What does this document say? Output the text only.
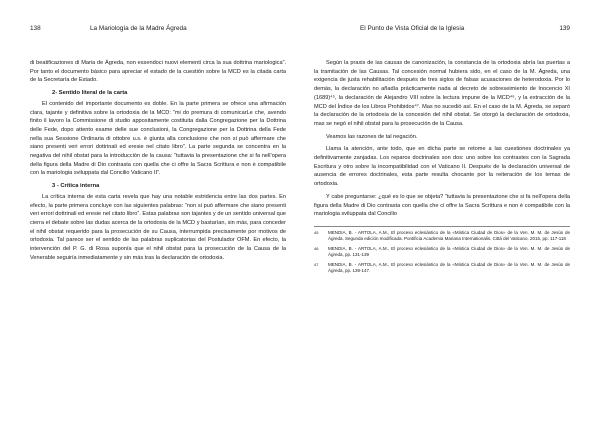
138	La Mariología de la Madre Ágreda

di beatificaziones di Maria de Ágreda, non essendoci nuovi elementi circa la sua dottrina mariologica”. Por tanto el documento básico para apreciar el estado de la cuestión sobre la MCD es la citada carta de la Secretaría de Estado.

2- Sentido literal de la carta

El contenido del importante documento es doble. En la parte primera se ofrece una afirmación clara, tajante y definitiva sobre la ortodoxia de la MCD: “mi do premura di comunicarLe che, avendo finito il lavoro la Commissione di studio appositamente costituita dalla Congregazione per la Dottrina delle Fede, dopo attento esame delle sue conclusioni, la Congregazione per la Dottrina della Fede nella sua Sessione Ordinaria di ottobre u.s. è giunta alla conclusione che non si può affermare che siano presenti veri errori dottrinali ed eresie nel citato libro”. La parte segunda se concentra en la negativa del nihil obstat para la introducción de la causa: “tuttavia la presentazione che si fa nell’opera della figura della Madre di Dio contrasta con quella che ci offre la Sacra Scrittura e non è compatibile con la mariologia sviluppata dal Concilio Vaticano II”.

3 - Crítica interna

La crítica interna de esta carta revela que hay una notable estridencia entre las dos partes. En efecto, la parte primera concluye con las siguientes palabras: “non si può affermare che siano presenti veri errori dottrinali ed eresie nel citato libro”. Estas palabras son tajantes y de un sentido universal que cierra el debate sobre las dudas acerca de la ortodoxia de la MCD y bastarían, sin más, para conceder el nihil obstat requerido para la prosecución de su Causa, interrumpida precisamente por motivos de ortodoxia. Tal parece ser el sentido de las palabras suplicatorias del Postulador OFM. En efecto, la intervención del P. G. di Rosa suponía que el nihil obstat para la prosecución de la Causa de la Venerable seguiría inmediatamente y sin más tras la declaración de ortodoxia.

El Punto de Vista Oficial de la Iglesia	139

Según la praxis de las causas de canonización, la constancia de la ortodoxia abría las puertas a la tramitación de las Causas. Tal concesión normal hubiera sido, en el caso de la M. Ágreda, una exigencia de justa rehabilitación después de tres siglos de falsas acusaciones de heterodoxia. Por lo demás, la declaración no añadía prácticamente nada al decreto de sobreseimiento de Inocencio XI (1689)⁴⁵, la declaración de Alejandro VIII sobre la lectura impune de la MCD⁴⁶, y la extracción de la MCD del Índice de los Libros Prohibidos⁴⁷. Mas no sucedió así. En el caso de la M. Ágreda, se separó la declaración de la ortodoxia de la concesión del nihil obstat. Se otorgó la declaración de ortodoxia, mas se negó el nihil obstat para la prosecución de la Causa.

Veamos las razones de tal negación.

Llama la atención, ante todo, que en dicha parte se retome a las cuestiones doctrinales ya definitivamente zanjadas. Los reparos doctrinales son dos: uno sobre los contrastes con la Sagrada Escritura y otro sobre la incompatibilidad con el Vaticano II. Después de la declaración universal de ausencia de errores doctrinales, esta parte resulta chocante por la reiteración de los temas de ortodoxia.

Y cabe preguntarse: ¿qué es lo que se objeta? “tuttavia la presentazione che si fa nell’opera della figura della Madre di Dio contrasta con quella che ci offre la Sacra Scrittura e non è compatibile con la mariologia sviluppata dal Concilio

45 MENDIA, B. - ARTOLA, A.M., El proceso eclesiástico de la «Mística Ciudad de Dios» de la Ven. M. M. de Jesús de Ágreda. Segunda edición modificada. Pontificia Academia Mariana Internationalis. Città del Vaticano. 2015, pp. 117-118
46 MENDIA, B. - ARTOLA, A.M., El proceso eclesiástico de la «Mística Ciudad de Dios» de la Ven. M. M. de Jesús de Ágreda, pp. 131-139
47 MENDIA, B. - ARTOLA, A.M., El proceso eclesiástico de la «Mística Ciudad de Dios» de la Ven. M. M. de Jesús de Ágreda, pp. 139-147.
